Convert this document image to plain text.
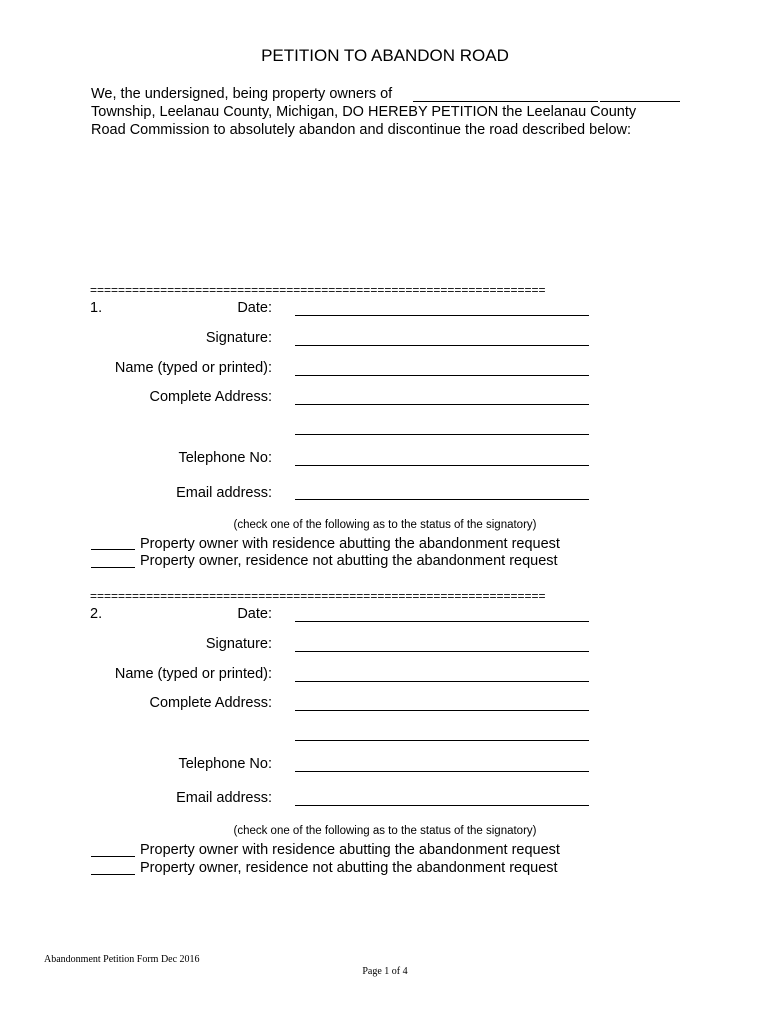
PETITION TO ABANDON ROAD
We, the undersigned, being property owners of
Township, Leelanau County, Michigan, DO HEREBY PETITION the Leelanau County
Road Commission to absolutely abandon and discontinue the road described below:
=================================================================
1.	Date:
Signature:
Name (typed or printed):
Complete Address:
Telephone No:
Email address:
(check one of the following as to the status of the signatory)
Property owner with residence abutting the abandonment request
Property owner, residence not abutting the abandonment request
=================================================================
2.	Date:
Signature:
Name (typed or printed):
Complete Address:
Telephone No:
Email address:
(check one of the following as to the status of the signatory)
Property owner with residence abutting the abandonment request
Property owner, residence not abutting the abandonment request
Abandonment Petition Form Dec 2016
Page 1 of 4
